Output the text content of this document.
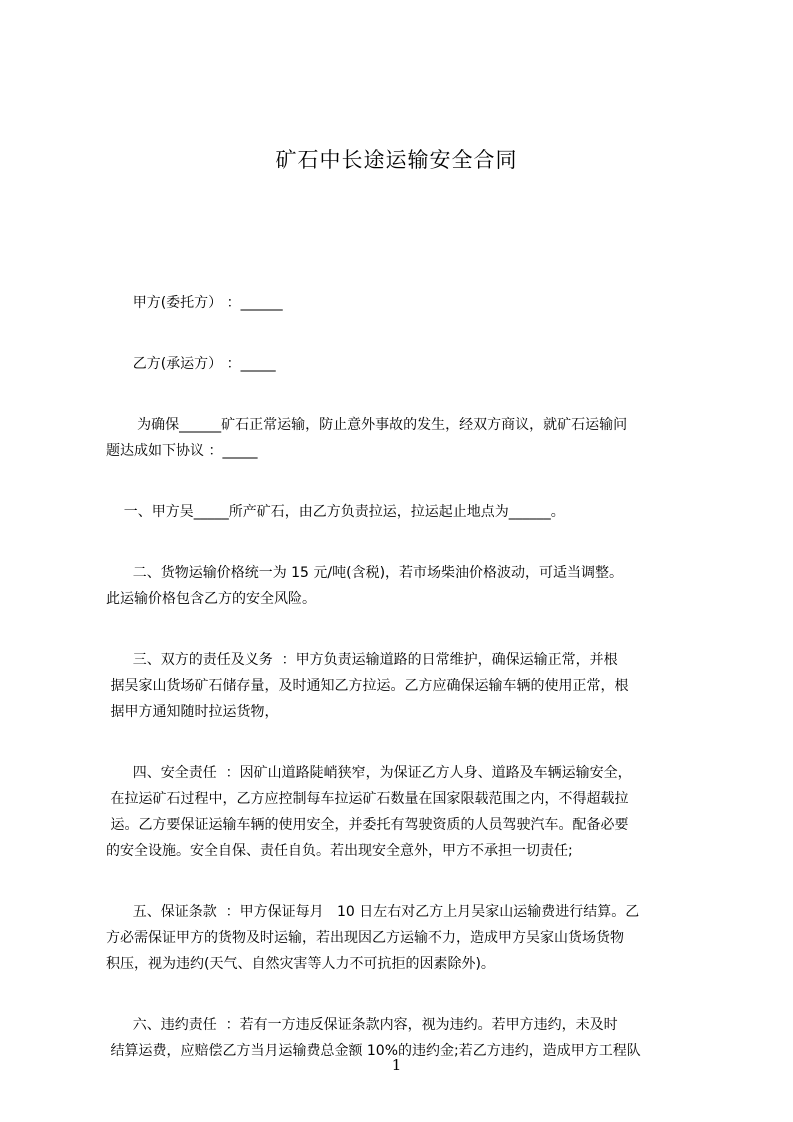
矿石中长途运输安全合同

甲方(委托方） ：______

乙方(承运方） ：_____

为确保______矿石正常运输，防止意外事故的发生，经双方商议，就矿石运输问
题达成如下协议 ：_____

一、甲方吴_____所产矿石，由乙方负责拉运，拉运起止地点为______。

二、货物运输价格统一为 15 元/吨(含税)，若市场柴油价格波动，可适当调整。
此运输价格包含乙方的安全风险。

三、双方的责任及义务  ：甲方负责运输道路的日常维护，确保运输正常，并根
据吴家山货场矿石储存量，及时通知乙方拉运。乙方应确保运输车辆的使用正常，根
据甲方通知随时拉运货物，

四、安全责任  ：因矿山道路陡峭狭窄，为保证乙方人身、道路及车辆运输安全，
在拉运矿石过程中，乙方应控制每车拉运矿石数量在国家限载范围之内，不得超载拉
运。乙方要保证运输车辆的使用安全，并委托有驾驶资质的人员驾驶汽车。配备必要
的安全设施。安全自保、责任自负。若出现安全意外，甲方不承担一切责任;

五、保证条款  ：甲方保证每月   10 日左右对乙方上月吴家山运输费进行结算。乙
方必需保证甲方的货物及时运输，若出现因乙方运输不力，造成甲方吴家山货场货物
积压，视为违约(天气、自然灾害等人力不可抗拒的因素除外)。

六、违约责任  ：若有一方违反保证条款内容，视为违约。若甲方违约，未及时
结算运费，应赔偿乙方当月运输费总金额 10%的违约金;若乙方违约，造成甲方工程队

1
